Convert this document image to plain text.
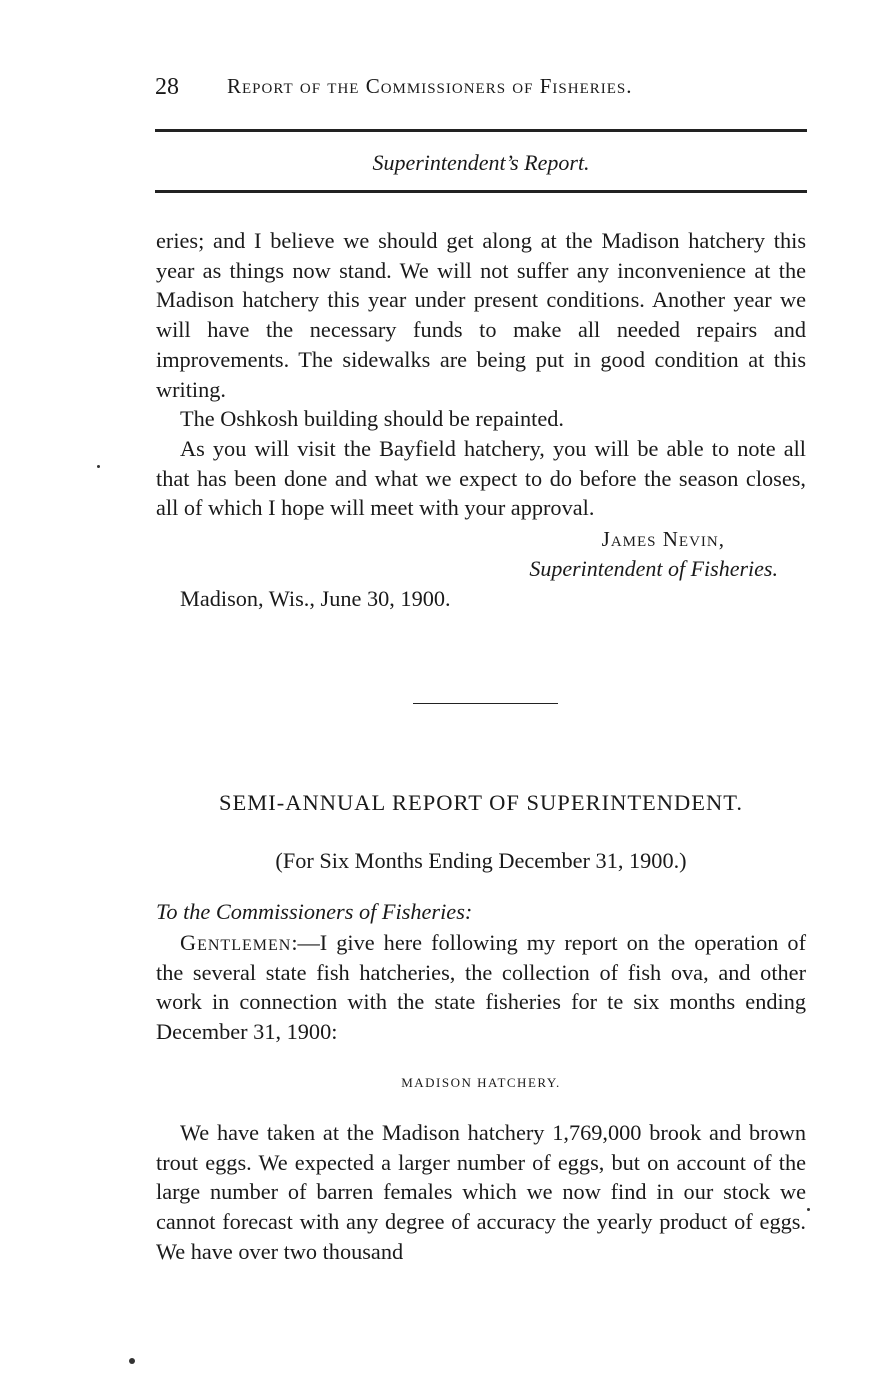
28 Report of the Commissioners of Fisheries.
Superintendent’s Report.

eries; and I believe we should get along at the Madison hatchery this year as things now stand. We will not suffer any inconvenience at the Madison hatchery this year under present conditions. Another year we will have the necessary funds to make all needed repairs and improvements. The sidewalks are being put in good condition at this writing.

The Oshkosh building should be repainted.

As you will visit the Bayfield hatchery, you will be able to note all that has been done and what we expect to do before the season closes, all of which I hope will meet with your approval.

James Nevin,
Superintendent of Fisheries.
Madison, Wis., June 30, 1900.
SEMI-ANNUAL REPORT OF SUPERINTENDENT.
(For Six Months Ending December 31, 1900.)
To the Commissioners of Fisheries:

Gentlemen:—I give here following my report on the operation of the several state fish hatcheries, the collection of fish ova, and other work in connection with the state fisheries for te six months ending December 31, 1900:

MADISON HATCHERY.

We have taken at the Madison hatchery 1,769,000 brook and brown trout eggs. We expected a larger number of eggs, but on account of the large number of barren females which we now find in our stock we cannot forecast with any degree of accuracy the yearly product of eggs. We have over two thousand
